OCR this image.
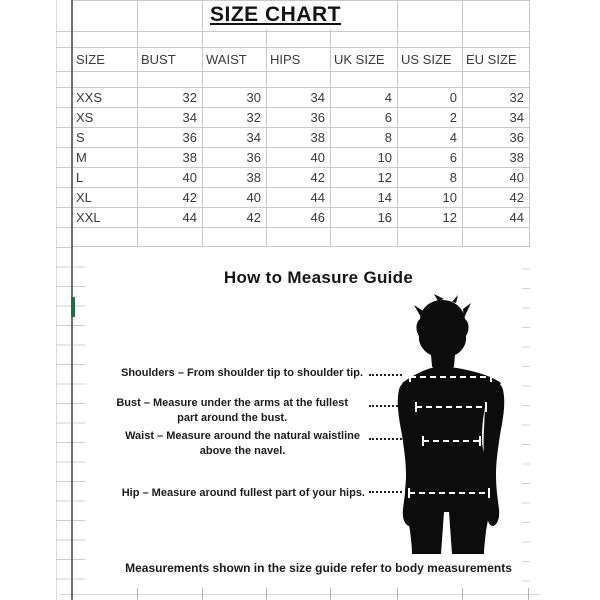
SIZE	BUST	WAIST	HIPS	UK SIZE	US SIZE	EU SIZE

XXS	32	30	34	4	0	32
XS	34	32	36	6	2	34
S	36	34	38	8	4	36
M	38	36	40	10	6	38
L	40	38	42	12	8	40
XL	42	40	44	14	10	42
XXL	44	42	46	16	12	44

SIZE CHART
How to Measure Guide
Shoulders – From shoulder tip to shoulder tip.
Bust – Measure under the arms at the fullest
part around the bust.
Waist – Measure around the natural waistline
above the navel.
Hip – Measure around fullest part of your hips.
Measurements shown in the size guide refer to body measurements
